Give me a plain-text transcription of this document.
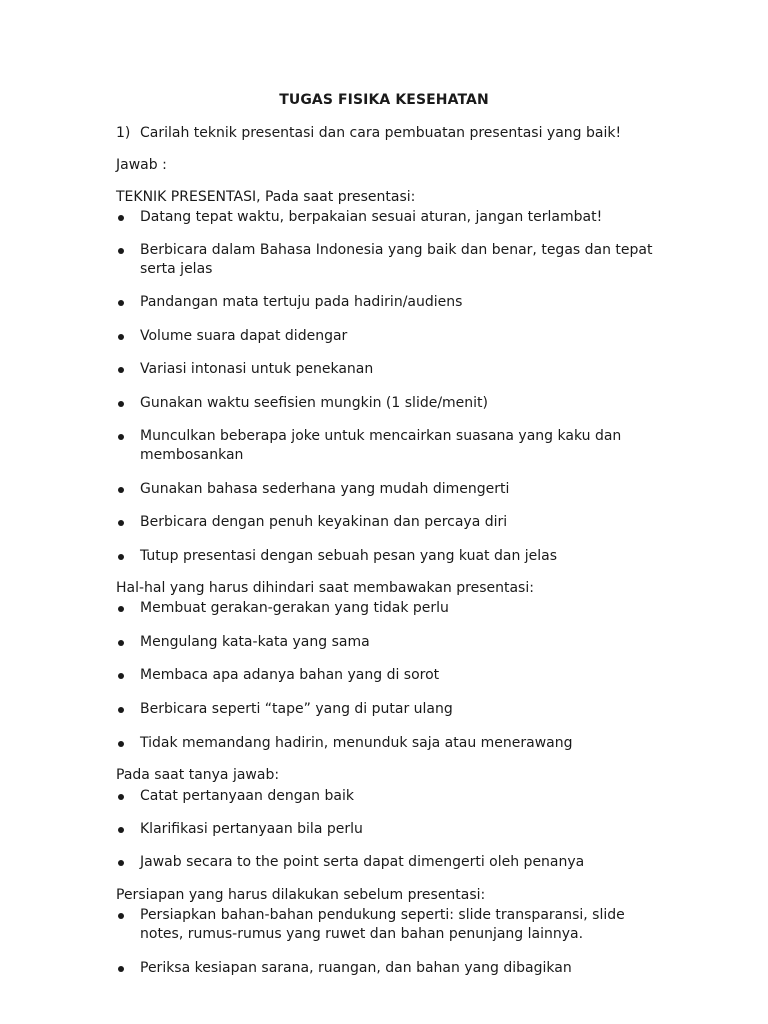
TUGAS FISIKA KESEHATAN
1) Carilah teknik presentasi dan cara pembuatan presentasi yang baik!
Jawab :
TEKNIK PRESENTASI, Pada saat presentasi:
Datang tepat waktu, berpakaian sesuai aturan, jangan terlambat!
Berbicara dalam Bahasa Indonesia yang baik dan benar, tegas dan tepat serta jelas
Pandangan mata tertuju pada hadirin/audiens
Volume suara dapat didengar
Variasi intonasi untuk penekanan
Gunakan waktu seefisien mungkin (1 slide/menit)
Munculkan beberapa joke untuk mencairkan suasana yang kaku dan membosankan
Gunakan bahasa sederhana yang mudah dimengerti
Berbicara dengan penuh keyakinan dan percaya diri
Tutup presentasi dengan sebuah pesan yang kuat dan jelas
Hal-hal yang harus dihindari saat membawakan presentasi:
Membuat gerakan-gerakan yang tidak perlu
Mengulang kata-kata yang sama
Membaca apa adanya bahan yang di sorot
Berbicara seperti “tape” yang di putar ulang
Tidak memandang hadirin, menunduk saja atau menerawang
Pada saat tanya jawab:
Catat pertanyaan dengan baik
Klarifikasi pertanyaan bila perlu
Jawab secara to the point serta dapat dimengerti oleh penanya
Persiapan yang harus dilakukan sebelum presentasi:
Persiapkan bahan-bahan pendukung seperti: slide transparansi, slide notes, rumus-rumus yang ruwet dan bahan penunjang lainnya.
Periksa kesiapan sarana, ruangan, dan bahan yang dibagikan
